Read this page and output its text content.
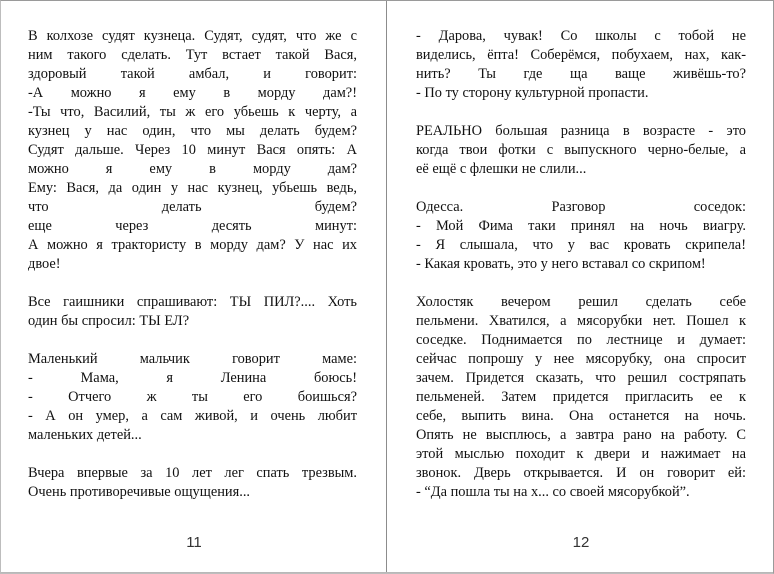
В колхозе судят кузнеца. Судят, судят, что же с
ним такого сделать. Тут встает такой Вася,
здоровый такой амбал, и говорит:
-А можно я ему в морду дам?!
-Ты что, Василий, ты ж его убьешь к черту, а
кузнец у нас один, что мы делать будем?
Судят дальше. Через 10 минут Вася опять: А
можно я ему в морду дам?
Ему: Вася, да один у нас кузнец, убьешь ведь,
что делать будем?
еще через десять минут:
А можно я трактористу в морду дам? У нас их
двое!
Все гаишники спрашивают: ТЫ ПИЛ?.... Хоть
один бы спросил: ТЫ ЕЛ?
Маленький мальчик говорит маме:
- Мама, я Ленина боюсь!
- Отчего ж ты его боишься?
- А он умер, а сам живой, и очень любит
маленьких детей...
Вчера впервые за 10 лет лег спать трезвым.
Очень противоречивые ощущения...
11
- Дарова, чувак! Со школы с тобой не
виделись, ёпта! Соберёмся, побухаем, нах, как-
нить? Ты где ща ваще живёшь-то?
- По ту сторону культурной пропасти.
РЕАЛЬНО большая разница в возрасте - это
когда твои фотки с выпускного черно-белые, а
её ещё с флешки не слили...
Одесса. Разговор соседок:
- Мой Фима таки принял на ночь виагру.
- Я слышала, что у вас кровать скрипела!
- Какая кровать, это у него вставал со скрипом!
Холостяк вечером решил сделать себе
пельмени. Хватился, а мясорубки нет. Пошел к
соседке. Поднимается по лестнице и думает:
сейчас попрошу у нее мясорубку, она спросит
зачем. Придется сказать, что решил состряпать
пельменей. Затем придется пригласить ее к
себе, выпить вина. Она останется на ночь.
Опять не высплюсь, а завтра рано на работу. С
этой мыслью походит к двери и нажимает на
звонок. Дверь открывается. И он говорит ей:
- “Да пошла ты на х... со своей мясорубкой”.
12
